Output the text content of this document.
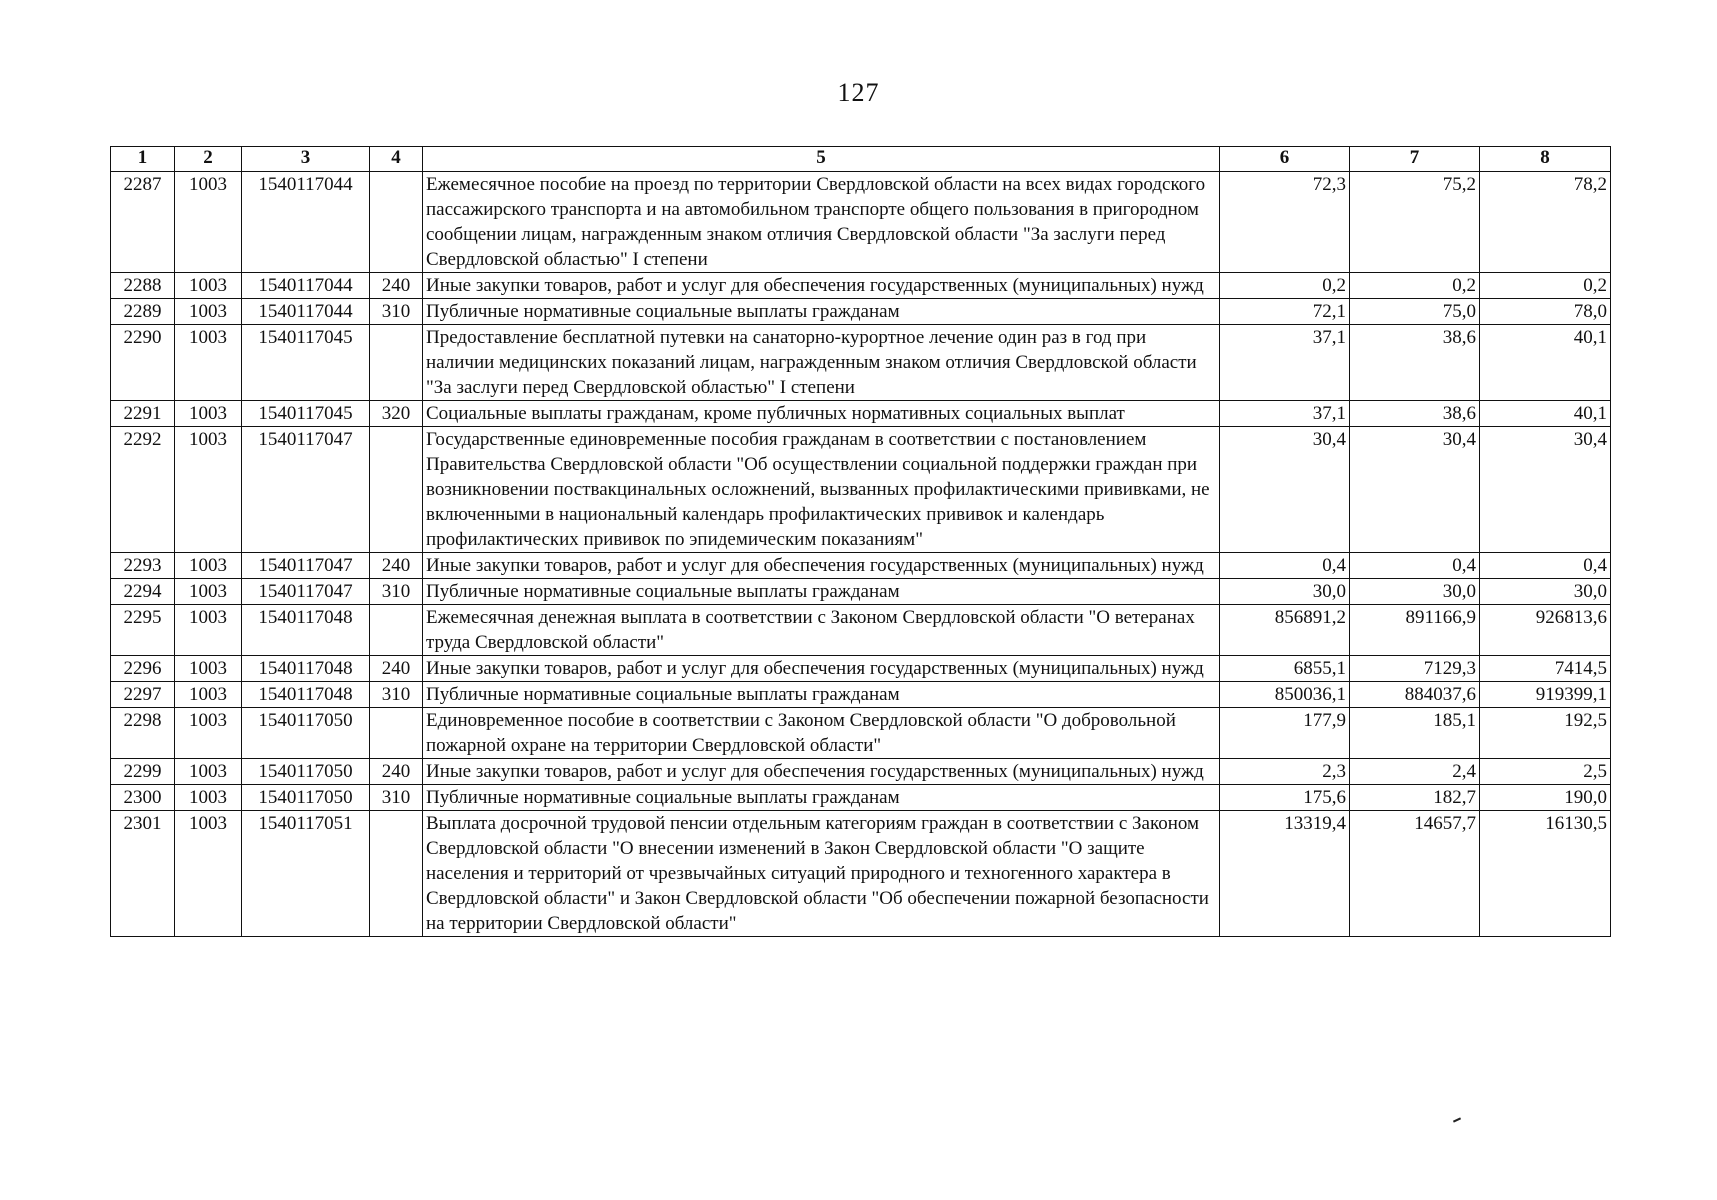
127
1	2	3	4	5	6	7	8
2287	1003	1540117044		Ежемесячное пособие на проезд по территории Свердловской области на всех видах городского пассажирского транспорта и на автомобильном транспорте общего пользования в пригородном сообщении лицам, награжденным знаком отличия Свердловской области "За заслуги перед Свердловской областью" I степени	72,3	75,2	78,2
2288	1003	1540117044	240	Иные закупки товаров, работ и услуг для обеспечения государственных (муниципальных) нужд	0,2	0,2	0,2
2289	1003	1540117044	310	Публичные нормативные социальные выплаты гражданам	72,1	75,0	78,0
2290	1003	1540117045		Предоставление бесплатной путевки на санаторно-курортное лечение один раз в год при наличии медицинских показаний лицам, награжденным знаком отличия Свердловской области "За заслуги перед Свердловской областью" I степени	37,1	38,6	40,1
2291	1003	1540117045	320	Социальные выплаты гражданам, кроме публичных нормативных социальных выплат	37,1	38,6	40,1
2292	1003	1540117047		Государственные единовременные пособия гражданам в соответствии с постановлением Правительства Свердловской области "Об осуществлении социальной поддержки граждан при возникновении поствакцинальных осложнений, вызванных профилактическими прививками, не включенными в национальный календарь профилактических прививок и календарь профилактических прививок по эпидемическим показаниям"	30,4	30,4	30,4
2293	1003	1540117047	240	Иные закупки товаров, работ и услуг для обеспечения государственных (муниципальных) нужд	0,4	0,4	0,4
2294	1003	1540117047	310	Публичные нормативные социальные выплаты гражданам	30,0	30,0	30,0
2295	1003	1540117048		Ежемесячная денежная выплата в соответствии с Законом Свердловской области "О ветеранах труда Свердловской области"	856891,2	891166,9	926813,6
2296	1003	1540117048	240	Иные закупки товаров, работ и услуг для обеспечения государственных (муниципальных) нужд	6855,1	7129,3	7414,5
2297	1003	1540117048	310	Публичные нормативные социальные выплаты гражданам	850036,1	884037,6	919399,1
2298	1003	1540117050		Единовременное пособие в соответствии с Законом Свердловской области "О добровольной пожарной охране на территории Свердловской области"	177,9	185,1	192,5
2299	1003	1540117050	240	Иные закупки товаров, работ и услуг для обеспечения государственных (муниципальных) нужд	2,3	2,4	2,5
2300	1003	1540117050	310	Публичные нормативные социальные выплаты гражданам	175,6	182,7	190,0
2301	1003	1540117051		Выплата досрочной трудовой пенсии отдельным категориям граждан в соответствии с Законом Свердловской области "О внесении изменений в Закон Свердловской области "О защите населения и территорий от чрезвычайных ситуаций природного и техногенного характера в Свердловской области" и Закон Свердловской области "Об обеспечении пожарной безопасности на территории Свердловской области"	13319,4	14657,7	16130,5
